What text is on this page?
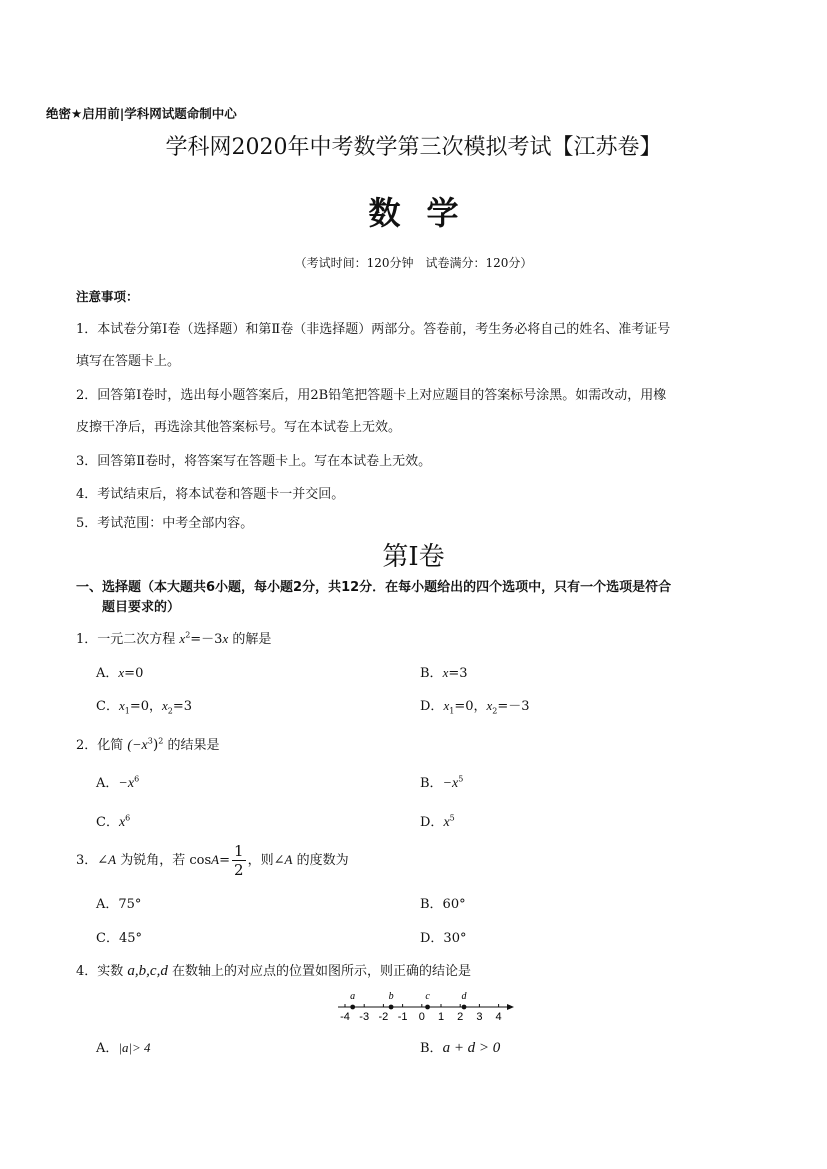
绝密★启用前|学科网试题命制中心
学科网2020年中考数学第三次模拟考试【江苏卷】
数学
（考试时间：120分钟　试卷满分：120分）
注意事项：
1．本试卷分第Ⅰ卷（选择题）和第Ⅱ卷（非选择题）两部分。答卷前，考生务必将自己的姓名、准考证号
填写在答题卡上。
2．回答第Ⅰ卷时，选出每小题答案后，用2B铅笔把答题卡上对应题目的答案标号涂黑。如需改动，用橡
皮擦干净后，再选涂其他答案标号。写在本试卷上无效。
3．回答第Ⅱ卷时，将答案写在答题卡上。写在本试卷上无效。
4．考试结束后，将本试卷和答题卡一并交回。
5．考试范围：中考全部内容。
第Ⅰ卷
一、选择题（本大题共6小题，每小题2分，共12分．在每小题给出的四个选项中，只有一个选项是符合
题目要求的）
1．一元二次方程 $x^2=-3x$ 的解是
A．x=0	B．x=3
C．$x_1=0$，$x_2=3$	D．$x_1=0$，$x_2=-3$
2．化简 $(-x^3)^2$ 的结果是
A．$-x^6$	B．$-x^5$
C．$x^6$	D．$x^5$
3．∠A 为锐角，若 $\cos A= \frac{1}{2}$ ，则∠A 的度数为
A．75°	B．60°
C．45°	D．30°
4．实数 a,b,c,d 在数轴上的对应点的位置如图所示，则正确的结论是
-4 -3 -2 -1 0 1 2 3 4
a	b	c	d
A．|a|> 4	B．a + d > 0
